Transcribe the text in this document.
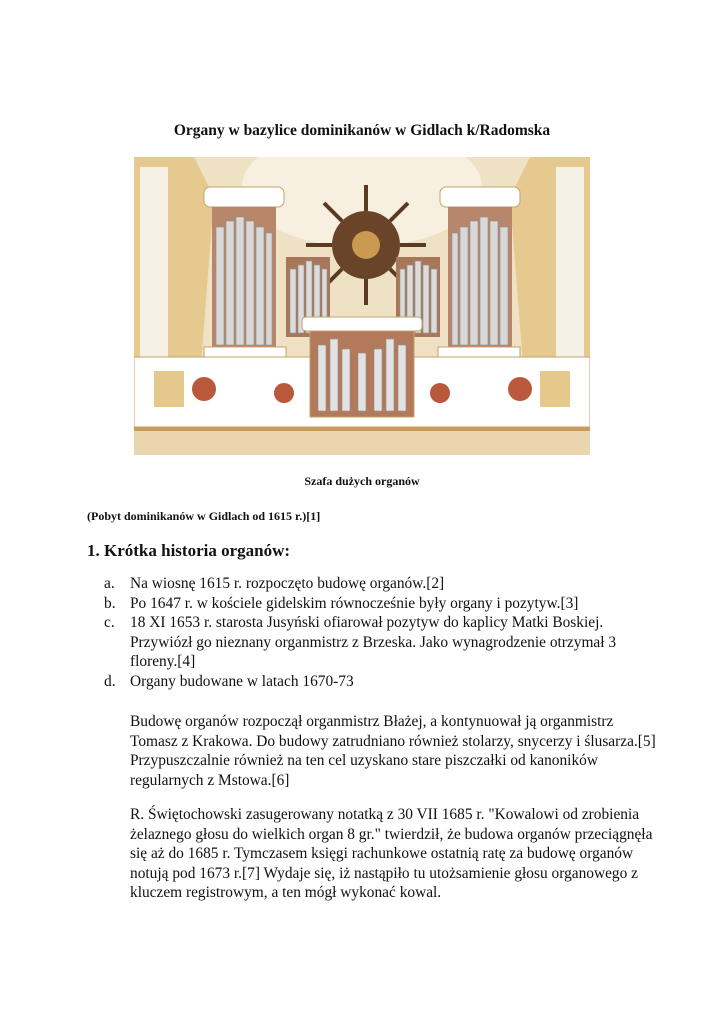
Organy w bazylice dominikanów w Gidlach k/Radomska
Szafa dużych organów
(Pobyt dominikanów w Gidlach od 1615 r.)[1]
1. Krótka historia organów:
a. Na wiosnę 1615 r. rozpoczęto budowę organów.[2]
b. Po 1647 r. w kościele gidelskim równocześnie były organy i pozytyw.[3]
c. 18 XI 1653 r. starosta Jusyński ofiarował pozytyw do kaplicy Matki Boskiej. Przywiózł go nieznany organmistrz z Brzeska. Jako wynagrodzenie otrzymał 3 floreny.[4]
d. Organy budowane w latach 1670-73
Budowę organów rozpoczął organmistrz Błażej, a kontynuował ją organmistrz Tomasz z Krakowa. Do budowy zatrudniano również stolarzy, snycerzy i ślusarza.[5] Przypuszczalnie również na ten cel uzyskano stare piszczałki od kanoników regularnych z Mstowa.[6]
R. Świętochowski zasugerowany notatką z 30 VII 1685 r. "Kowalowi od zrobienia żelaznego głosu do wielkich organ 8 gr." twierdził, że budowa organów przeciągnęła się aż do 1685 r. Tymczasem księgi rachunkowe ostatnią ratę za budowę organów notują pod 1673 r.[7] Wydaje się, iż nastąpiło tu utożsamienie głosu organowego z kluczem registrowym, a ten mógł wykonać kowal.
